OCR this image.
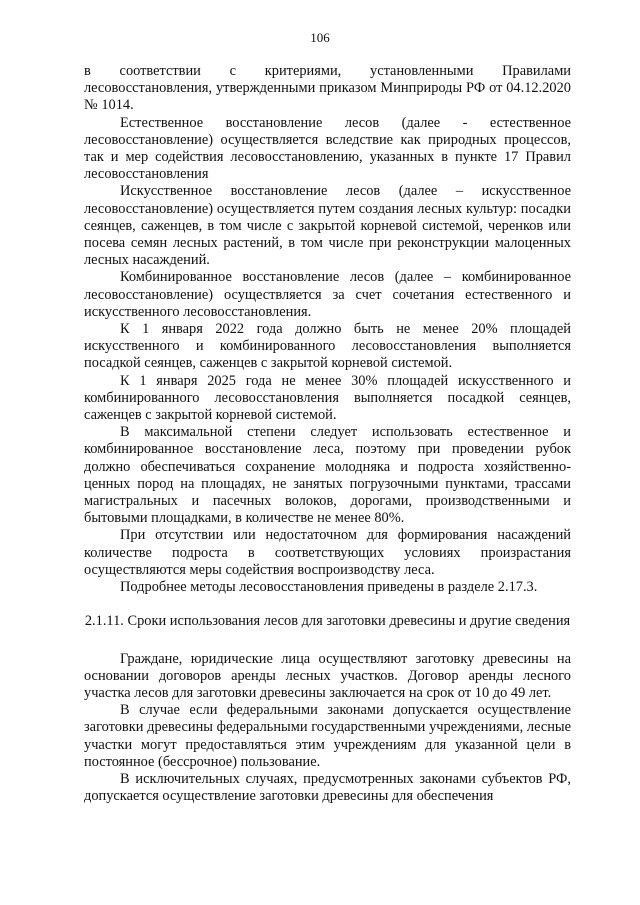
106

в соответствии с критериями, установленными Правилами лесовосстановления, утвержденными приказом Минприроды РФ от 04.12.2020 № 1014.

Естественное восстановление лесов (далее - естественное лесовосстановление) осуществляется вследствие как природных процессов, так и мер содействия лесовосстановлению, указанных в пункте 17 Правил лесовосстановления

Искусственное восстановление лесов (далее – искусственное лесовосстановление) осуществляется путем создания лесных культур: посадки сеянцев, саженцев, в том числе с закрытой корневой системой, черенков или посева семян лесных растений, в том числе при реконструкции малоценных лесных насаждений.

Комбинированное восстановление лесов (далее – комбинированное лесовосстановление) осуществляется за счет сочетания естественного и искусственного лесовосстановления.

К 1 января 2022 года должно быть не менее 20% площадей искусственного и комбинированного лесовосстановления выполняется посадкой сеянцев, саженцев с закрытой корневой системой.

К 1 января 2025 года не менее 30% площадей искусственного и комбинированного лесовосстановления выполняется посадкой сеянцев, саженцев с закрытой корневой системой.

В максимальной степени следует использовать естественное и комбинированное восстановление леса, поэтому при проведении рубок должно обеспечиваться сохранение молодняка и подроста хозяйственно-ценных пород на площадях, не занятых погрузочными пунктами, трассами магистральных и пасечных волоков, дорогами, производственными и бытовыми площадками, в количестве не менее 80%.

При отсутствии или недостаточном для формирования насаждений количестве подроста в соответствующих условиях произрастания осуществляются меры содействия воспроизводству леса.

Подробнее методы лесовосстановления приведены в разделе 2.17.3.

2.1.11. Сроки использования лесов для заготовки древесины и другие сведения

Граждане, юридические лица осуществляют заготовку древесины на основании договоров аренды лесных участков. Договор аренды лесного участка лесов для заготовки древесины заключается на срок от 10 до 49 лет.

В случае если федеральными законами допускается осуществление заготовки древесины федеральными государственными учреждениями, лесные участки могут предоставляться этим учреждениям для указанной цели в постоянное (бессрочное) пользование.

В исключительных случаях, предусмотренных законами субъектов РФ, допускается осуществление заготовки древесины для обеспечения
